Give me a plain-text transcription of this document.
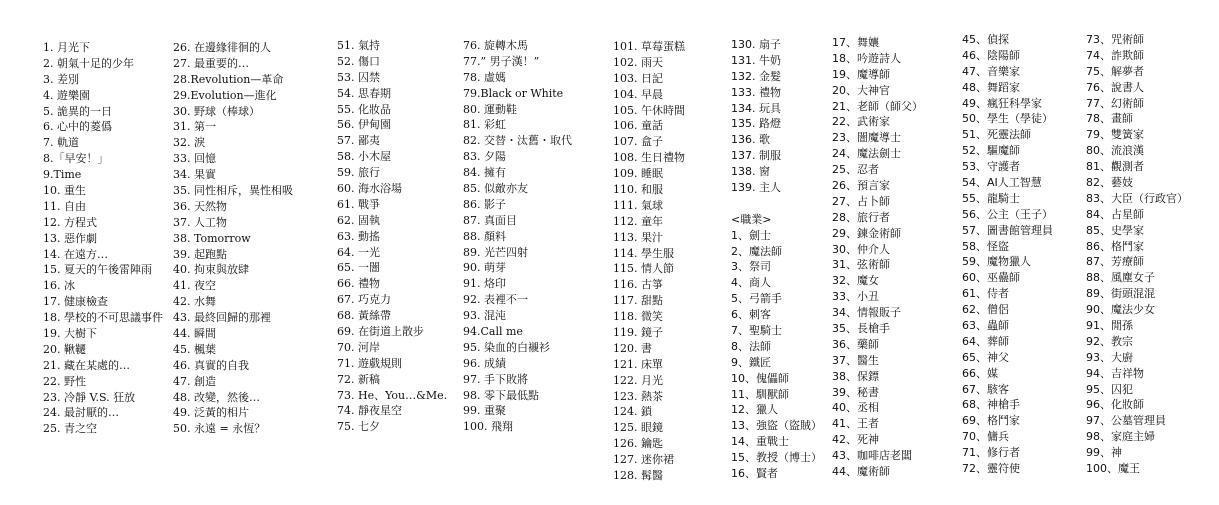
1. 月光下
2. 朝氣十足的少年
3. 差別
4. 遊樂園
5. 詭異的一日
6. 心中的菱僞
7. 軌道
8.「早安！」
9.Time
10. 重生
11. 自由
12. 方程式
13. 惡作劇
14. 在遠方…
15. 夏天的午後雷陣雨
16. 冰
17. 健康檢查
18. 學校的不可思議事件
19. 大樹下
20. 鞦韆
21. 藏在某處的…
22. 野性
23. 冷靜 V.S. 狂放
24. 最討厭的…
25. 青之空
26. 在邊緣徘徊的人
27. 最重要的…
28.Revolution—革命
29.Evolution—進化
30. 野球（棒球）
31. 第一
32. 淚
33. 回憶
34. 果實
35. 同性相斥，異性相吸
36. 天然物
37. 人工物
38. Tomorrow
39. 起跑點
40. 拘束與放肆
41. 夜空
42. 水舞
43. 最終回歸的那裡
44. 瞬間
45. 楓葉
46. 真實的自我
47. 創造
48. 改變，然後…
49. 泛黃的相片
50. 永遠 = 永恆？
51. 氣持
52. 傷口
53. 囚禁
54. 思春期
55. 化妝品
56. 伊甸園
57. 鄙夷
58. 小木屋
59. 旅行
60. 海水浴場
61. 戰爭
62. 固執
63. 動搖
64. 一光
65. 一闇
66. 禮物
67. 巧克力
68. 黃絲帶
69. 在街道上散步
70. 河岸
71. 遊戲規則
72. 新稿
73. He、You…&Me.
74. 靜夜星空
75. 七夕
76. 旋轉木馬
77.” 男子漢！”
78. 虛媽
79.Black or White
80. 運動鞋
81. 彩虹
82. 交替・汰舊・取代
83. 夕陽
84. 擁有
85. 似敵亦友
86. 影子
87. 真面目
88. 顏料
89. 光芒四射
90. 萌芽
91. 烙印
92. 表裡不一
93. 混沌
94.Call me
95. 染血的白襯衫
96. 成績
97. 手下敗將
98. 零下最低點
99. 重聚
100. 飛翔
101. 草莓蛋糕
102. 雨天
103. 日記
104. 早晨
105. 午休時間
106. 童話
107. 盒子
108. 生日禮物
109. 睡眠
110. 和服
111. 氣球
112. 童年
113. 果汁
114. 學生服
115. 情人節
116. 古箏
117. 甜點
118. 微笑
119. 鏡子
120. 書
121. 床單
122. 月光
123. 熱茶
124. 鎖
125. 眼鏡
126. 鑰匙
127. 迷你裙
128. 髯醫
130. 扇子
131. 牛奶
132. 金髮
133. 禮物
134. 玩具
135. 路燈
136. 歌
137. 制服
138. 窗
139. 主人
<職業>
1、劍士
2、魔法師
3、祭司
4、商人
5、弓箭手
6、刺客
7、聖騎士
8、法師
9、鐵匠
10、傀儡師
11、馴獸師
12、獵人
13、強盜（盜賊）
14、重戰士
15、教授（博士）
16、賢者
17、舞孃
18、吟遊詩人
19、魔導師
20、大神官
21、老師（師父）
22、武術家
23、闇魔導士
24、魔法劍士
25、忍者
26、預言家
27、占卜師
28、旅行者
29、鍊金術師
30、仲介人
31、弦術師
32、魔女
33、小丑
34、情報販子
35、長槍手
36、藥師
37、醫生
38、保鏢
39、秘書
40、丞相
41、王者
42、死神
43、咖啡店老闆
44、魔術師
45、偵探
46、陰陽師
47、音樂家
48、舞蹈家
49、瘋狂科學家
50、學生（學徒）
51、死靈法師
52、驅魔師
53、守護者
54、AI人工智慧
55、龍騎士
56、公主（王子）
57、圖書館管理員
58、怪盜
59、魔物獵人
60、巫蠱師
61、侍者
62、僧侶
63、蟲師
64、葬師
65、神父
66、媒
67、駭客
68、神槍手
69、格鬥家
70、傭兵
71、修行者
72、靈符使
73、咒術師
74、詐欺師
75、解夢者
76、說書人
77、幻術師
78、畫師
79、雙簧家
80、流浪漢
81、觀測者
82、藝妓
83、大臣（行政官）
84、占星師
85、史學家
86、格鬥家
87、芳療師
88、風塵女子
89、街頭混混
90、魔法少女
91、閒孫
92、教宗
93、大廚
94、吉祥物
95、囚犯
96、化妝師
97、公墓管理員
98、家庭主婦
99、神
100、魔王
